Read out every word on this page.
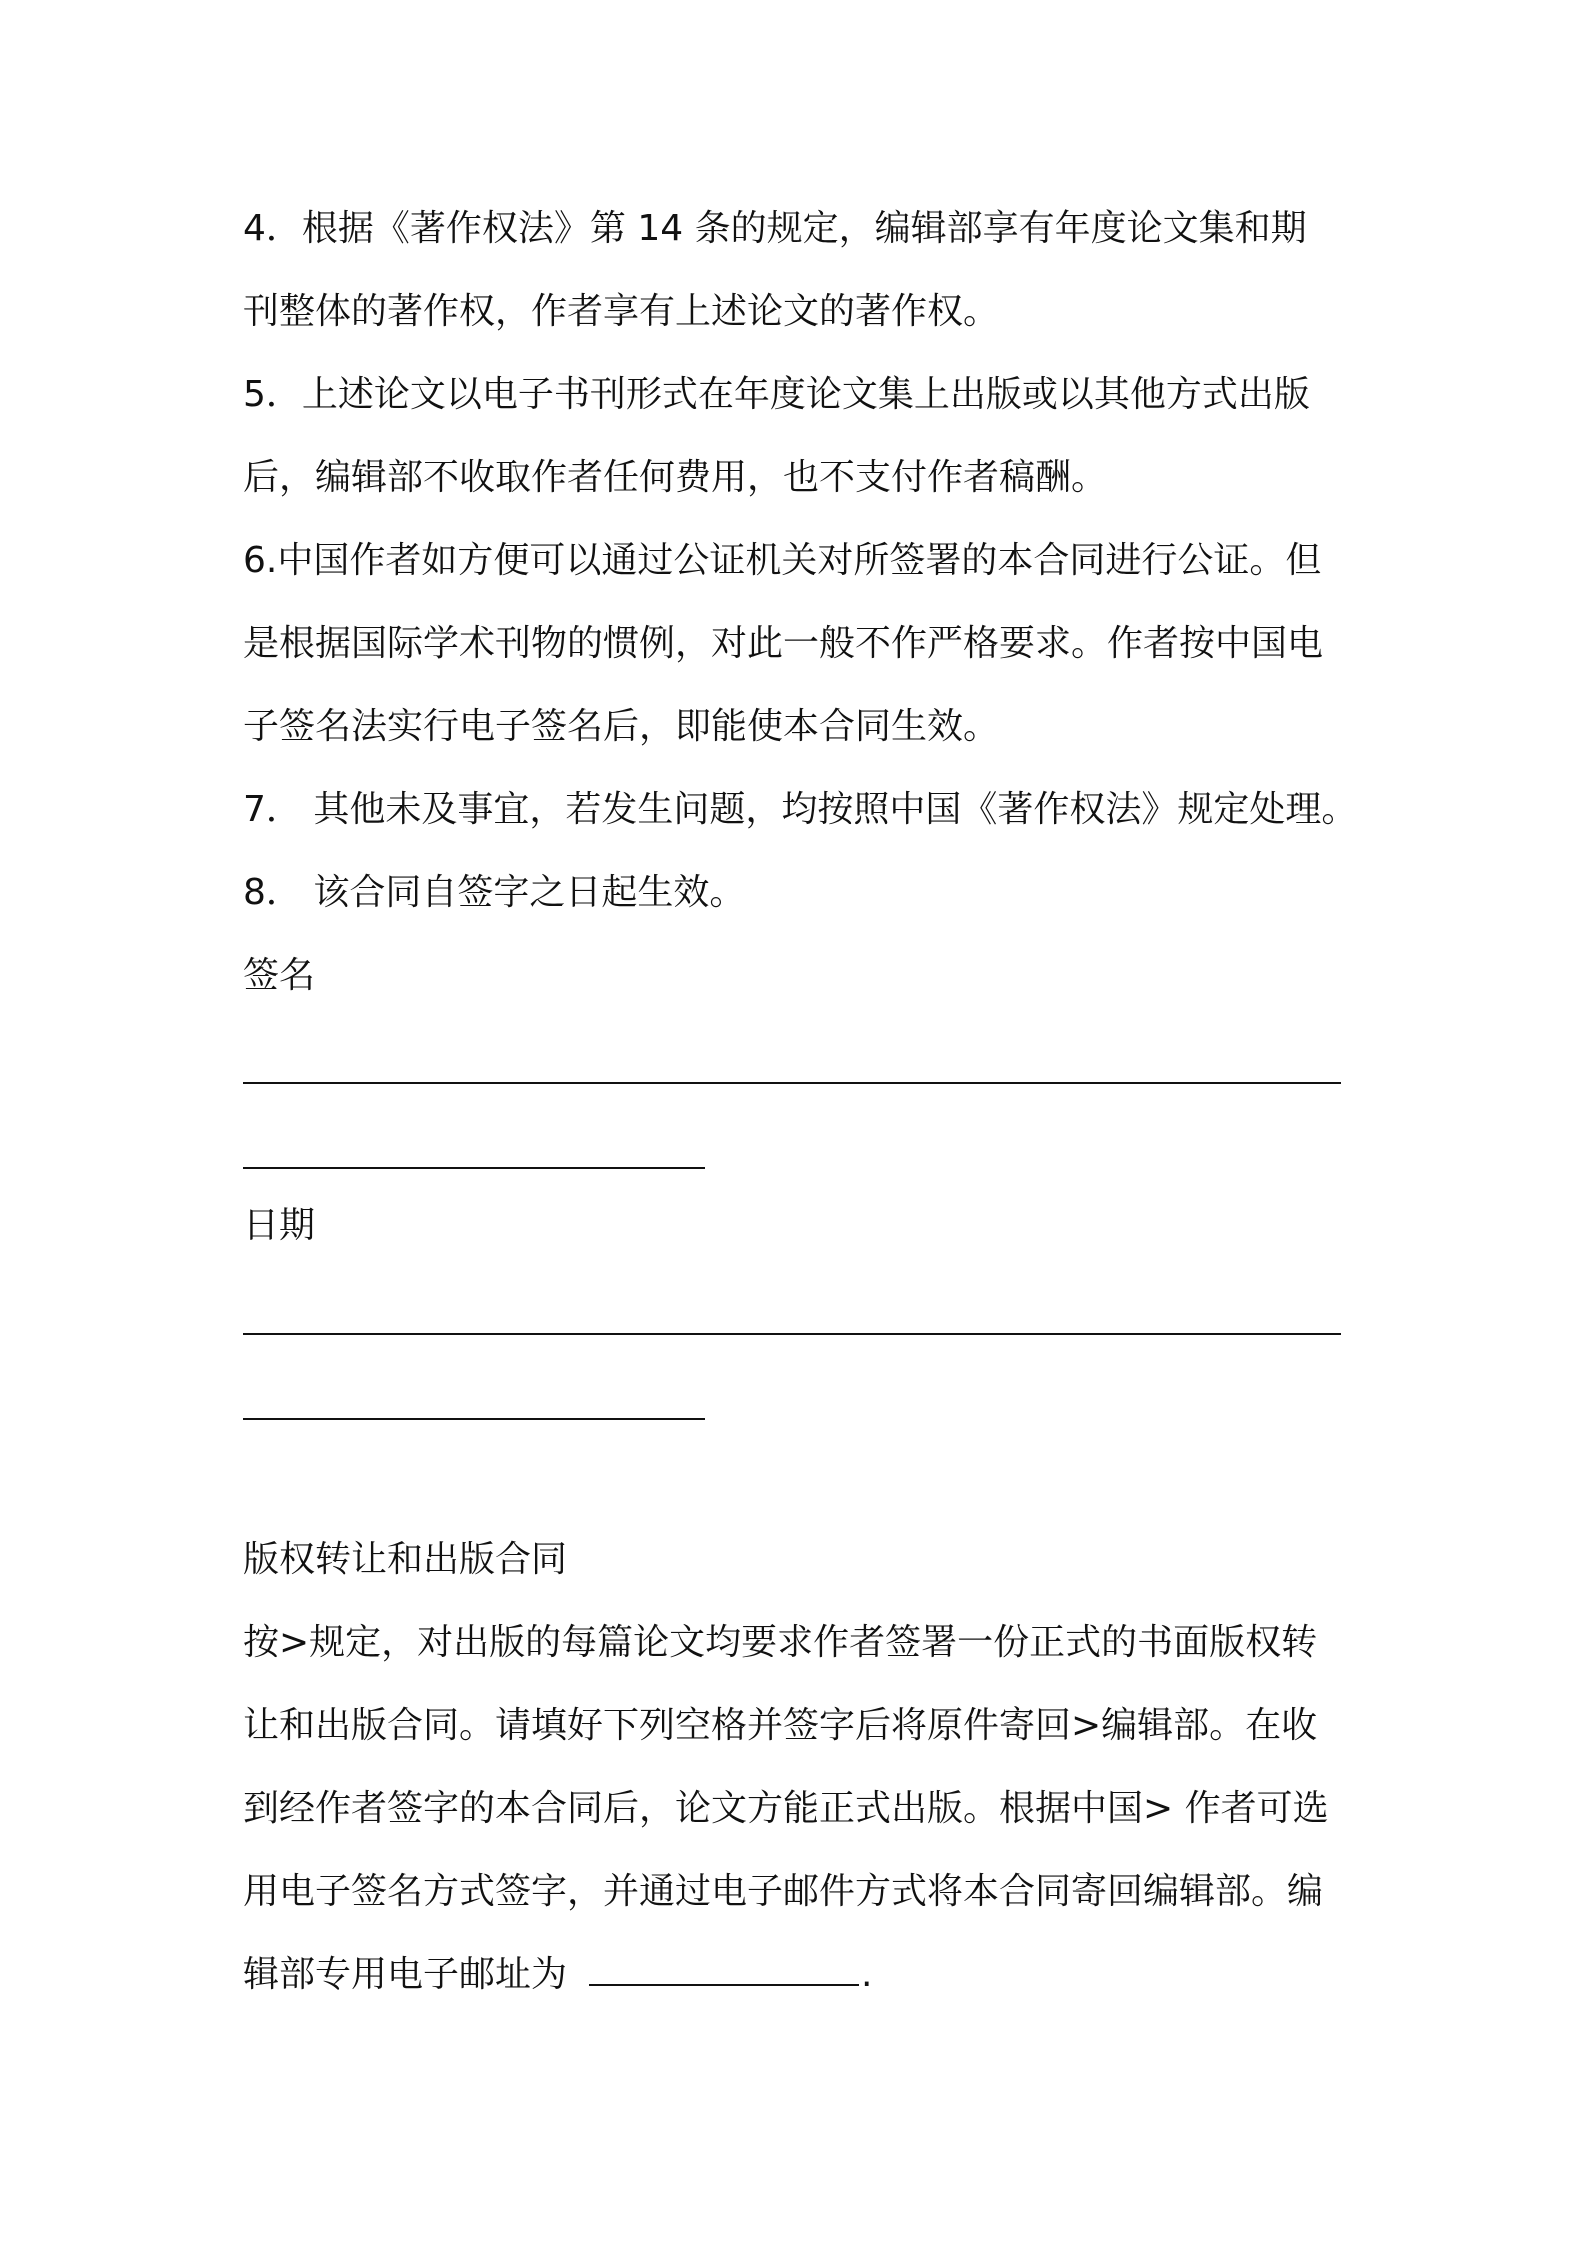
4．根据《著作权法》第 14 条的规定，编辑部享有年度论文集和期
刊整体的著作权，作者享有上述论文的著作权。
5．上述论文以电子书刊形式在年度论文集上出版或以其他方式出版
后，编辑部不收取作者任何费用，也不支付作者稿酬。
6.中国作者如方便可以通过公证机关对所签署的本合同进行公证。但
是根据国际学术刊物的惯例，对此一般不作严格要求。作者按中国电
子签名法实行电子签名后，即能使本合同生效。
7． 其他未及事宜，若发生问题，均按照中国《著作权法》规定处理。
8． 该合同自签字之日起生效。
签名
日期
版权转让和出版合同
按>规定，对出版的每篇论文均要求作者签署一份正式的书面版权转
让和出版合同。请填好下列空格并签字后将原件寄回>编辑部。在收
到经作者签字的本合同后，论文方能正式出版。根据中国> 作者可选
用电子签名方式签字，并通过电子邮件方式将本合同寄回编辑部。编
辑部专用电子邮址为	.
